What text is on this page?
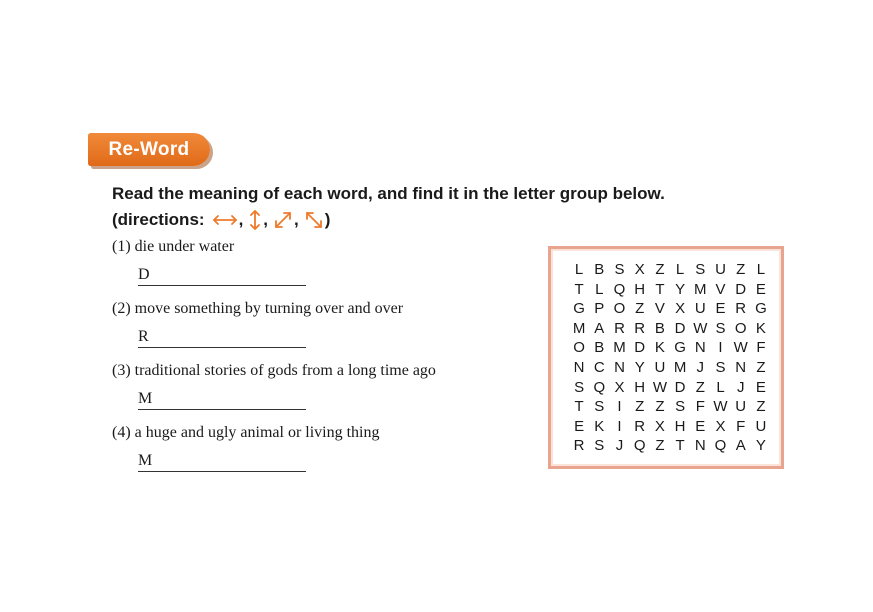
Re-Word
Read the meaning of each word, and find it in the letter group below.
(directions: , , , )
(1) die under water
D
(2) move something by turning over and over
R
(3) traditional stories of gods from a long time ago
M
(4) a huge and ugly animal or living thing
M
L B S X Z L S U Z L
T L Q H T Y M V D E
G P O Z V X U E R G
M A R R B D W S O K
O B M D K G N I W F
N C N Y U M J S N Z
S Q X H W D Z L J E
T S I Z Z S F W U Z
E K I R X H E X F U
R S J Q Z T N Q A Y
